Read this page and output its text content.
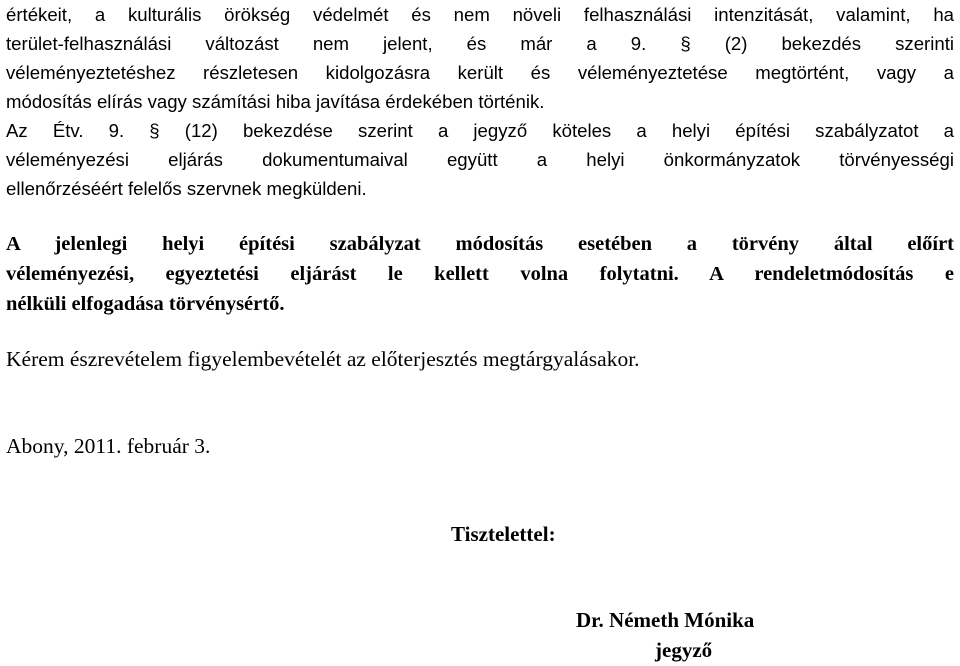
értékeit, a kulturális örökség védelmét és nem növeli felhasználási intenzitását, valamint, ha
terület-felhasználási változást nem jelent, és már a 9. § (2) bekezdés szerinti
véleményeztetéshez részletesen kidolgozásra került és véleményeztetése megtörtént, vagy a
módosítás elírás vagy számítási hiba javítása érdekében történik.
Az Étv. 9. § (12) bekezdése szerint a jegyző köteles a helyi építési szabályzatot a
véleményezési eljárás dokumentumaival együtt a helyi önkormányzatok törvényességi
ellenőrzéséért felelős szervnek megküldeni.
A jelenlegi helyi építési szabályzat módosítás esetében a törvény által előírt
véleményezési, egyeztetési eljárást le kellett volna folytatni. A rendeletmódosítás e
nélküli elfogadása törvénysértő.
Kérem észrevételem figyelembevételét az előterjesztés megtárgyalásakor.
Abony, 2011. február 3.
Tisztelettel:
Dr. Németh Mónika
jegyző
